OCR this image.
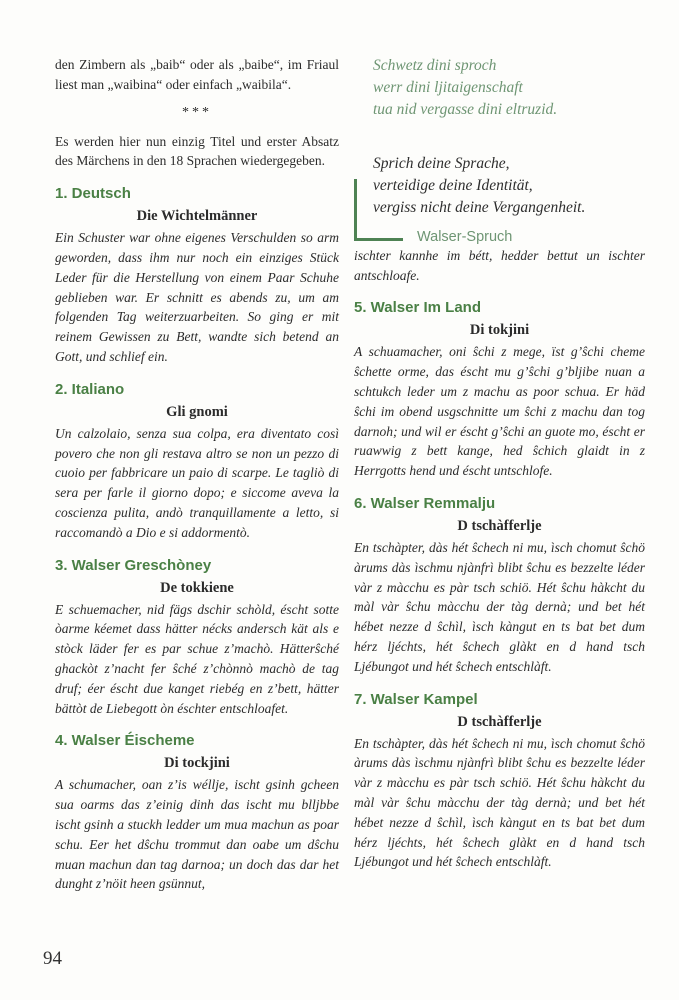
den Zimbern als „baib“ oder als „baibe“, im Friaul liest man „waibina“ oder einfach „waibila“.

***

Es werden hier nun einzig Titel und erster Absatz des Märchens in den 18 Sprachen wiedergegeben.

1. Deutsch
Die Wichtelmänner

Ein Schuster war ohne eigenes Verschulden so arm geworden, dass ihm nur noch ein einziges Stück Leder für die Herstellung von einem Paar Schuhe geblieben war. Er schnitt es abends zu, um am folgenden Tag weiterzuarbeiten. So ging er mit reinem Gewissen zu Bett, wandte sich betend an Gott, und schlief ein.

2. Italiano
Gli gnomi

Un calzolaio, senza sua colpa, era diventato così povero che non gli restava altro se non un pezzo di cuoio per fabbricare un paio di scarpe. Le tagliò di sera per farle il giorno dopo; e siccome aveva la coscienza pulita, andò tranquillamente a letto, si raccomandò a Dio e si addormentò.

3. Walser Greschòney
De tokkiene

E schuemacher, nid fägs dschir schòld, éscht sotte òarme kéemet dass hätter nécks andersch kät als e stòck läder fer es par schue z’machò. Hätterŝché ghackòt z’nacht fer ŝché z’chònnò machò de tag druf; éer éscht due kanget riebég en z’bett, hätter bättòt de Liebegott òn éschter entschloafet.

4. Walser Éischeme
Di tockjini

A schumacher, oan z’is wéllje, ischt gsinh gcheen sua oarms das z’einig dinh das ischt mu blljbbe ischt gsinh a stuckh ledder um mua machun as poar schu. Eer het dŝchu trommut dan oabe um dŝchu muan machun dan tag darnoa; un doch das dar het dunght z’nöit heen gsünnut,

Schwetz dini sproch
werr dini ljitaigenschaft
tua nid vergasse dini eltruzid.
Sprich deine Sprache,
verteidige deine Identität,
vergiss nicht deine Vergangenheit.
Walser-Spruch

ischter kannhe im bétt, hedder bettut un ischter antschloafe.

5. Walser Im Land
Di tokjini

A schuamacher, oni ŝchi z mege, ïst g’ŝchi cheme ŝchette orme, das éscht mu g’ŝchi g’bljibe nuan a schtukch leder um z machu as poor schua. Er häd ŝchi im obend usgschnitte um ŝchi z machu dan tog darnoh; und wil er éscht g’ŝchi an guote mo, éscht er ruawwig z bett kange, hed ŝchich glaidt in z Herrgotts hend und éscht untschlofe.

6. Walser Remmalju
D tschàfferlje

En tschàpter, dàs hét ŝchech ni mu, ìsch chomut ŝchö àrums dàs ìschmu njànfrì blibt ŝchu es bezzelte léder vàr z màcchu es pàr tsch schiö. Hét ŝchu hàkcht du màl vàr ŝchu màcchu der tàg dernà; und bet hét hébet nezze d ŝchìl, ìsch kàngut en ts bat bet dum hérz ljéchts, hét ŝchech glàkt en d hand tsch Ljébungot und hét ŝchech entschlàft.

7. Walser Kampel
D tschàfferlje

En tschàpter, dàs hét ŝchech ni mu, ìsch chomut ŝchö àrums dàs ìschmu njànfrì blibt ŝchu es bezzelte léder vàr z màcchu es pàr tsch schiö. Hét ŝchu hàkcht du màl vàr ŝchu màcchu der tàg dernà; und bet hét hébet nezze d ŝchìl, ìsch kàngut en ts bat bet dum hérz ljéchts, hét ŝchech glàkt en d hand tsch Ljébungot und hét ŝchech entschlàft.

94
